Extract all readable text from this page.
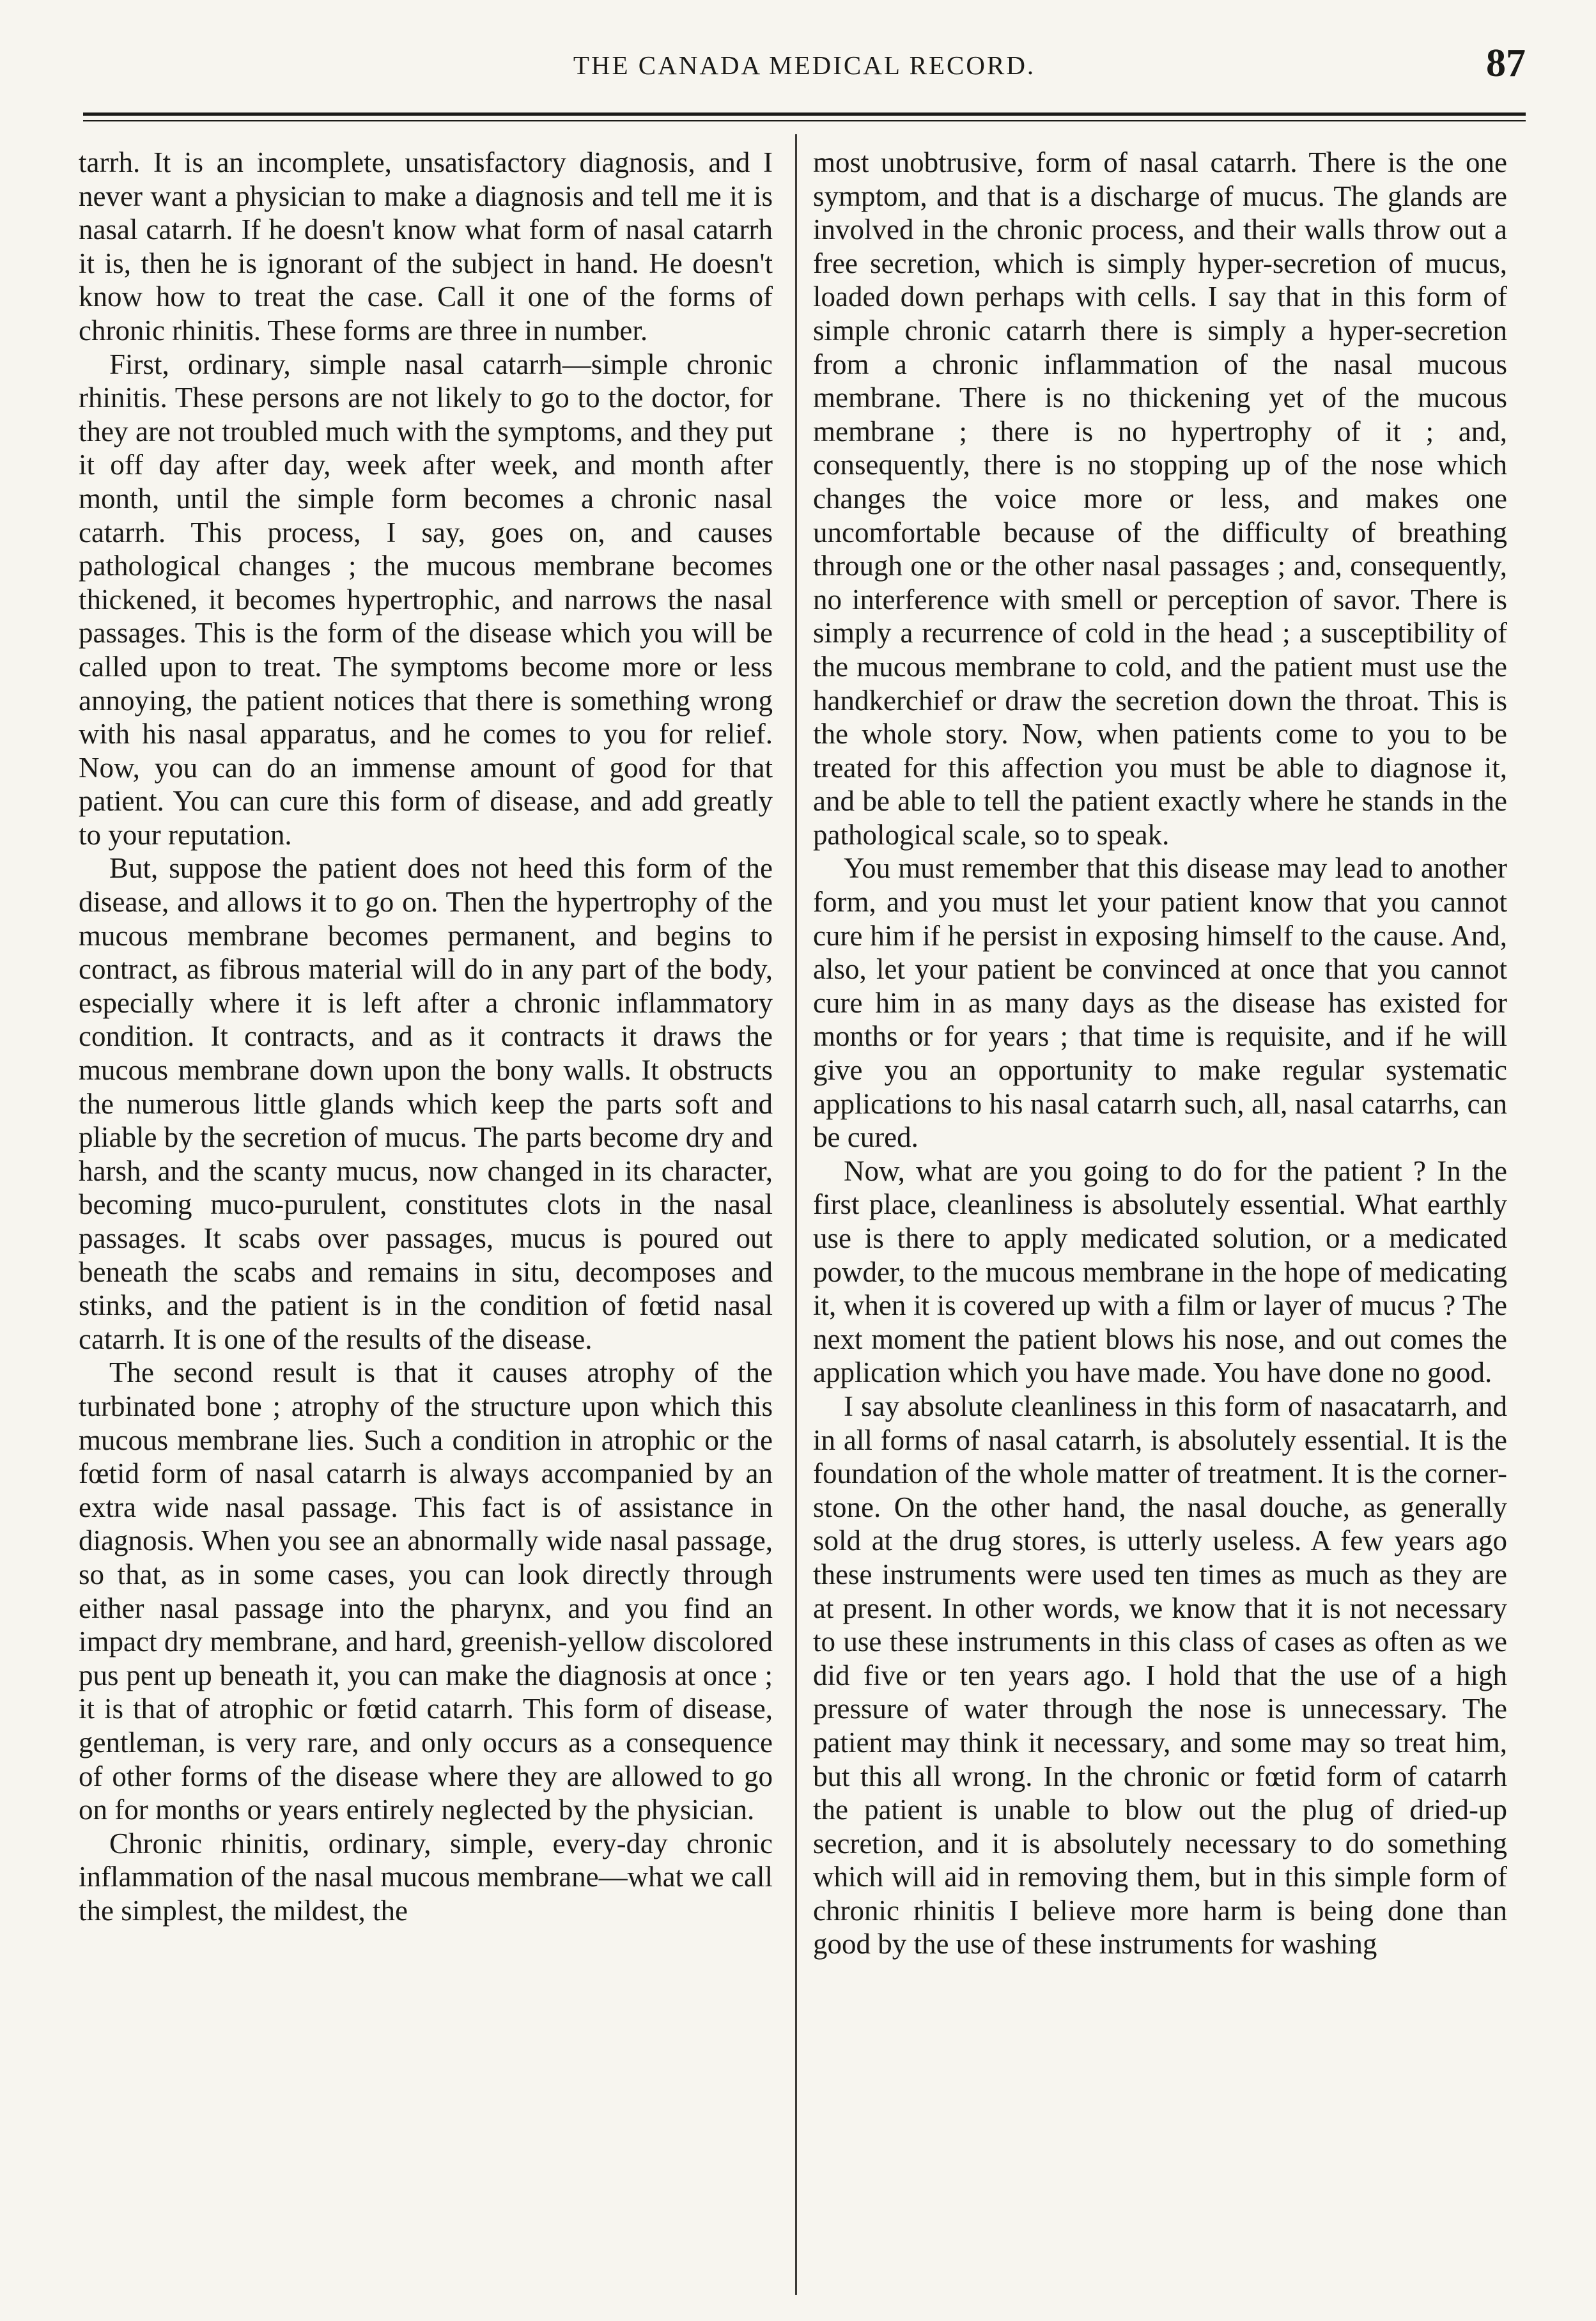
THE CANADA MEDICAL RECORD.	87

tarrh. It is an incomplete, unsatisfactory diagnosis, and I never want a physician to make a diagnosis and tell me it is nasal catarrh. If he doesn't know what form of nasal catarrh it is, then he is ignorant of the subject in hand. He doesn't know how to treat the case. Call it one of the forms of chronic rhinitis. These forms are three in number.

First, ordinary, simple nasal catarrh—simple chronic rhinitis. These persons are not likely to go to the doctor, for they are not troubled much with the symptoms, and they put it off day after day, week after week, and month after month, until the simple form becomes a chronic nasal catarrh. This process, I say, goes on, and causes pathological changes ; the mucous membrane becomes thickened, it becomes hypertrophic, and narrows the nasal passages. This is the form of the disease which you will be called upon to treat. The symptoms become more or less annoying, the patient notices that there is something wrong with his nasal apparatus, and he comes to you for relief. Now, you can do an immense amount of good for that patient. You can cure this form of disease, and add greatly to your reputation.

But, suppose the patient does not heed this form of the disease, and allows it to go on. Then the hypertrophy of the mucous membrane becomes permanent, and begins to contract, as fibrous material will do in any part of the body, especially where it is left after a chronic inflammatory condition. It contracts, and as it contracts it draws the mucous membrane down upon the bony walls. It obstructs the numerous little glands which keep the parts soft and pliable by the secretion of mucus. The parts become dry and harsh, and the scanty mucus, now changed in its character, becoming muco-purulent, constitutes clots in the nasal passages. It scabs over passages, mucus is poured out beneath the scabs and remains in situ, decomposes and stinks, and the patient is in the condition of fœtid nasal catarrh. It is one of the results of the disease.

The second result is that it causes atrophy of the turbinated bone ; atrophy of the structure upon which this mucous membrane lies. Such a condition in atrophic or the fœtid form of nasal catarrh is always accompanied by an extra wide nasal passage. This fact is of assistance in diagnosis. When you see an abnormally wide nasal passage, so that, as in some cases, you can look directly through either nasal passage into the pharynx, and you find an impact dry membrane, and hard, greenish-yellow discolored pus pent up beneath it, you can make the diagnosis at once ; it is that of atrophic or fœtid catarrh. This form of disease, gentleman, is very rare, and only occurs as a consequence of other forms of the disease where they are allowed to go on for months or years entirely neglected by the physician.

Chronic rhinitis, ordinary, simple, every-day chronic inflammation of the nasal mucous membrane—what we call the simplest, the mildest, the

most unobtrusive, form of nasal catarrh. There is the one symptom, and that is a discharge of mucus. The glands are involved in the chronic process, and their walls throw out a free secretion, which is simply hyper-secretion of mucus, loaded down perhaps with cells. I say that in this form of simple chronic catarrh there is simply a hyper-secretion from a chronic inflammation of the nasal mucous membrane. There is no thickening yet of the mucous membrane ; there is no hypertrophy of it ; and, consequently, there is no stopping up of the nose which changes the voice more or less, and makes one uncomfortable because of the difficulty of breathing through one or the other nasal passages ; and, consequently, no interference with smell or perception of savor. There is simply a recurrence of cold in the head ; a susceptibility of the mucous membrane to cold, and the patient must use the handkerchief or draw the secretion down the throat. This is the whole story. Now, when patients come to you to be treated for this affection you must be able to diagnose it, and be able to tell the patient exactly where he stands in the pathological scale, so to speak.

You must remember that this disease may lead to another form, and you must let your patient know that you cannot cure him if he persist in exposing himself to the cause. And, also, let your patient be convinced at once that you cannot cure him in as many days as the disease has existed for months or for years ; that time is requisite, and if he will give you an opportunity to make regular systematic applications to his nasal catarrh such, all, nasal catarrhs, can be cured.

Now, what are you going to do for the patient ? In the first place, cleanliness is absolutely essential. What earthly use is there to apply medicated solution, or a medicated powder, to the mucous membrane in the hope of medicating it, when it is covered up with a film or layer of mucus ? The next moment the patient blows his nose, and out comes the application which you have made. You have done no good.

I say absolute cleanliness in this form of nasacatarrh, and in all forms of nasal catarrh, is absolutely essential. It is the foundation of the whole matter of treatment. It is the corner-stone. On the other hand, the nasal douche, as generally sold at the drug stores, is utterly useless. A few years ago these instruments were used ten times as much as they are at present. In other words, we know that it is not necessary to use these instruments in this class of cases as often as we did five or ten years ago. I hold that the use of a high pressure of water through the nose is unnecessary. The patient may think it necessary, and some may so treat him, but this all wrong. In the chronic or fœtid form of catarrh the patient is unable to blow out the plug of dried-up secretion, and it is absolutely necessary to do something which will aid in removing them, but in this simple form of chronic rhinitis I believe more harm is being done than good by the use of these instruments for washing
